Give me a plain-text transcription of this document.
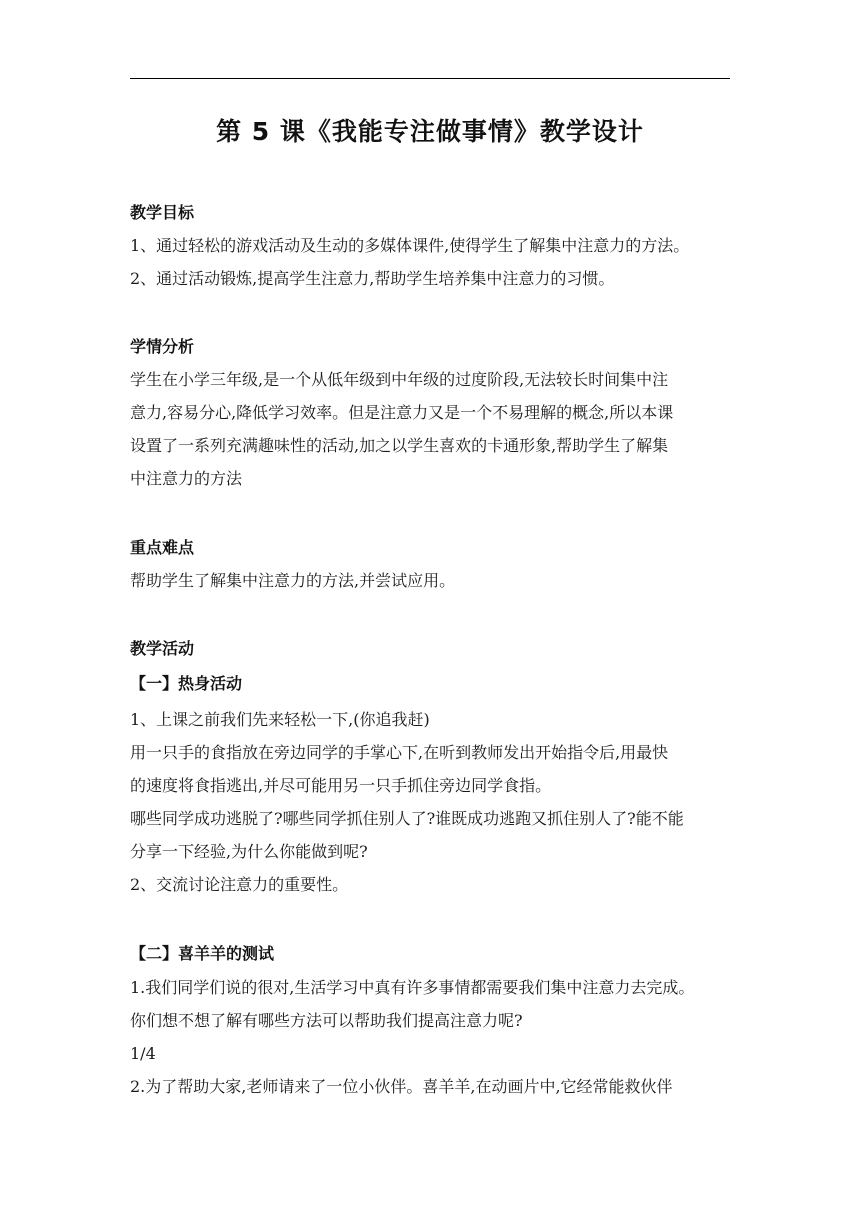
第 5 课《我能专注做事情》教学设计
教学目标
1、通过轻松的游戏活动及生动的多媒体课件,使得学生了解集中注意力的方法。
2、通过活动锻炼,提高学生注意力,帮助学生培养集中注意力的习惯。
学情分析
学生在小学三年级,是一个从低年级到中年级的过度阶段,无法较长时间集中注
意力,容易分心,降低学习效率。但是注意力又是一个不易理解的概念,所以本课
设置了一系列充满趣味性的活动,加之以学生喜欢的卡通形象,帮助学生了解集
中注意力的方法
重点难点
帮助学生了解集中注意力的方法,并尝试应用。
教学活动
【一】热身活动
1、上课之前我们先来轻松一下,(你追我赶)
用一只手的食指放在旁边同学的手掌心下,在听到教师发出开始指令后,用最快
的速度将食指逃出,并尽可能用另一只手抓住旁边同学食指。
哪些同学成功逃脱了?哪些同学抓住别人了?谁既成功逃跑又抓住别人了?能不能
分享一下经验,为什么你能做到呢?
2、交流讨论注意力的重要性。
【二】喜羊羊的测试
1.我们同学们说的很对,生活学习中真有许多事情都需要我们集中注意力去完成。
你们想不想了解有哪些方法可以帮助我们提高注意力呢?
1/4
2.为了帮助大家,老师请来了一位小伙伴。喜羊羊,在动画片中,它经常能救伙伴
